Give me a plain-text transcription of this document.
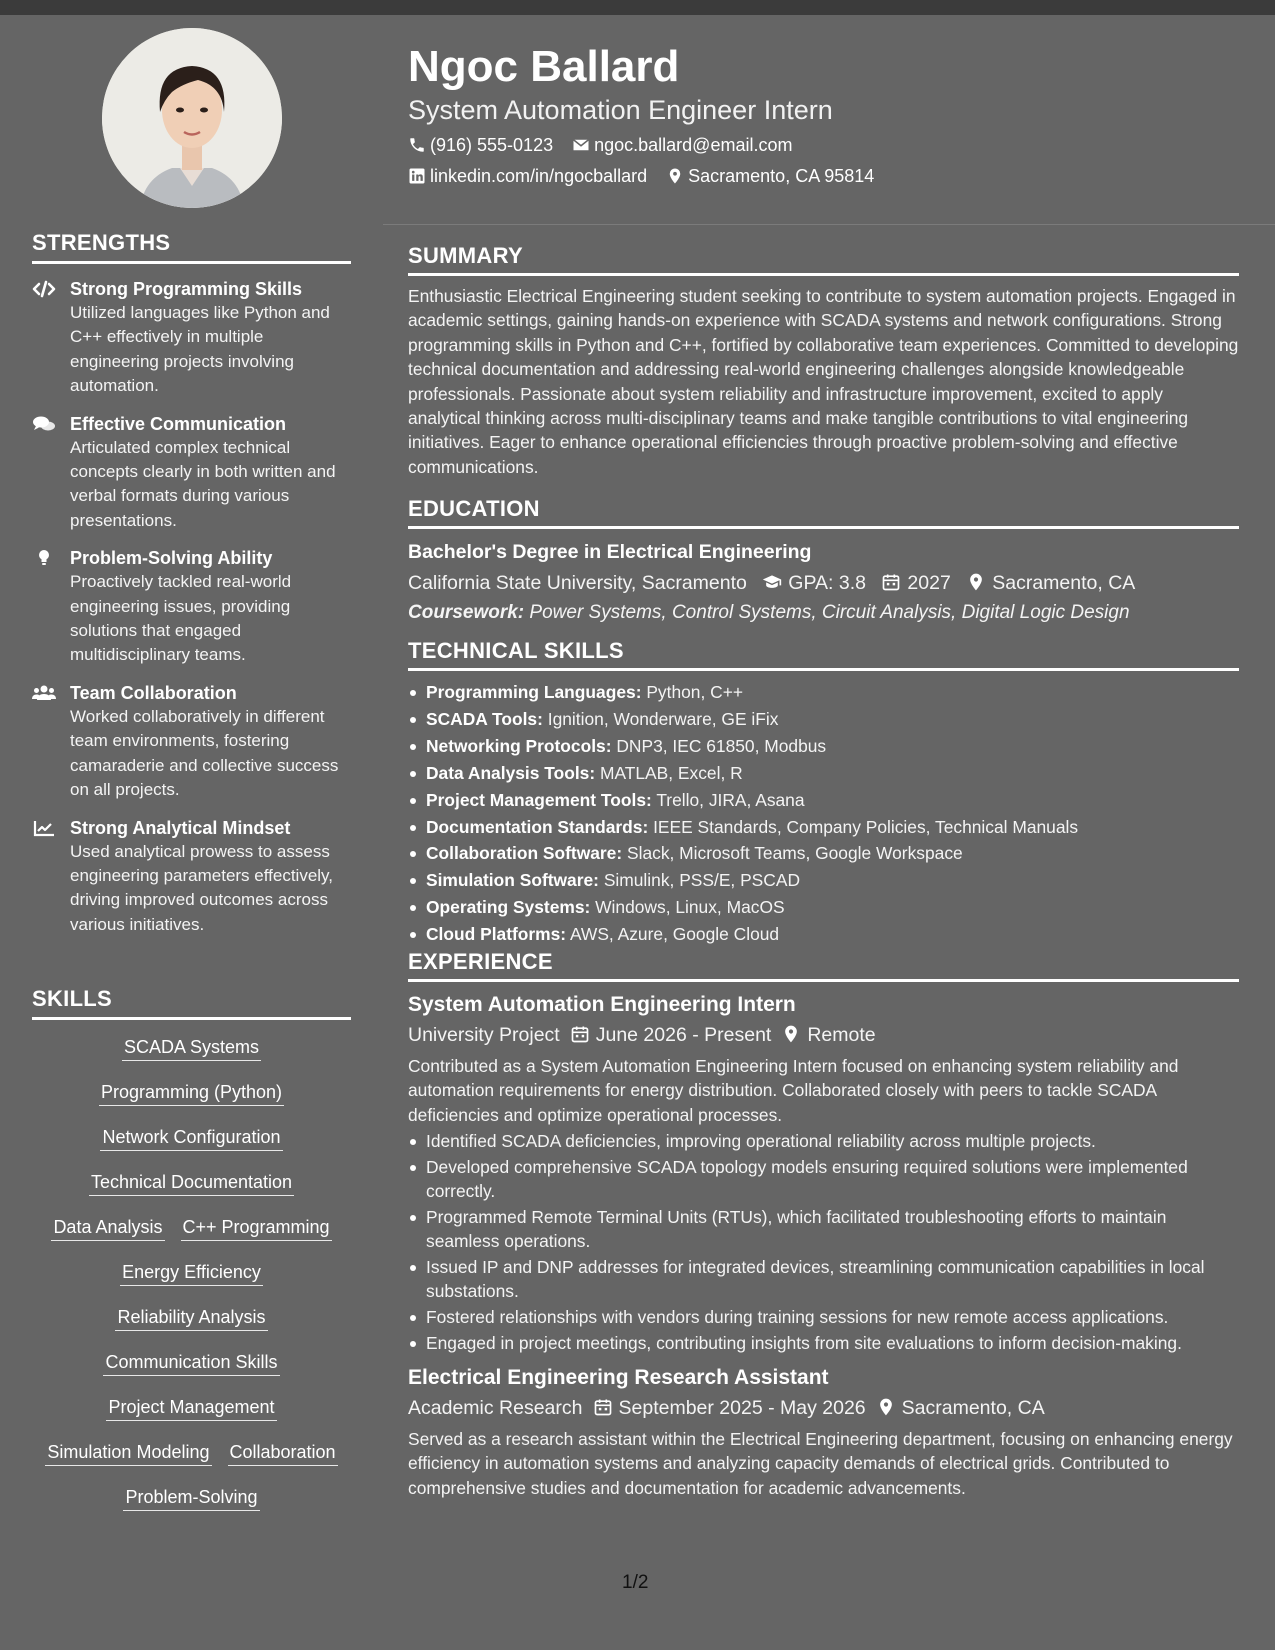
STRENGTHS
Strong Programming Skills
Utilized languages like Python and C++ effectively in multiple engineering projects involving automation.
Effective Communication
Articulated complex technical concepts clearly in both written and verbal formats during various presentations.
Problem-Solving Ability
Proactively tackled real-world engineering issues, providing solutions that engaged multidisciplinary teams.
Team Collaboration
Worked collaboratively in different team environments, fostering camaraderie and collective success on all projects.
Strong Analytical Mindset
Used analytical prowess to assess engineering parameters effectively, driving improved outcomes across various initiatives.
SKILLS
SCADA Systems
Programming (Python)
Network Configuration
Technical Documentation
Data Analysis C++ Programming
Energy Efficiency
Reliability Analysis
Communication Skills
Project Management
Simulation Modeling Collaboration
Problem-Solving
Ngoc Ballard
System Automation Engineer Intern
(916) 555-0123 ngoc.ballard@email.com
linkedin.com/in/ngocballard Sacramento, CA 95814
SUMMARY
Enthusiastic Electrical Engineering student seeking to contribute to system automation projects. Engaged in academic settings, gaining hands-on experience with SCADA systems and network configurations. Strong programming skills in Python and C++, fortified by collaborative team experiences. Committed to developing technical documentation and addressing real-world engineering challenges alongside knowledgeable professionals. Passionate about system reliability and infrastructure improvement, excited to apply analytical thinking across multi-disciplinary teams and make tangible contributions to vital engineering initiatives. Eager to enhance operational efficiencies through proactive problem-solving and effective communications.
EDUCATION
Bachelor's Degree in Electrical Engineering
California State University, Sacramento GPA: 3.8 2027 Sacramento, CA
Coursework: Power Systems, Control Systems, Circuit Analysis, Digital Logic Design
TECHNICAL SKILLS
Programming Languages: Python, C++
SCADA Tools: Ignition, Wonderware, GE iFix
Networking Protocols: DNP3, IEC 61850, Modbus
Data Analysis Tools: MATLAB, Excel, R
Project Management Tools: Trello, JIRA, Asana
Documentation Standards: IEEE Standards, Company Policies, Technical Manuals
Collaboration Software: Slack, Microsoft Teams, Google Workspace
Simulation Software: Simulink, PSS/E, PSCAD
Operating Systems: Windows, Linux, MacOS
Cloud Platforms: AWS, Azure, Google Cloud
EXPERIENCE
System Automation Engineering Intern
University Project June 2026 - Present Remote
Contributed as a System Automation Engineering Intern focused on enhancing system reliability and automation requirements for energy distribution. Collaborated closely with peers to tackle SCADA deficiencies and optimize operational processes.
Identified SCADA deficiencies, improving operational reliability across multiple projects.
Developed comprehensive SCADA topology models ensuring required solutions were implemented correctly.
Programmed Remote Terminal Units (RTUs), which facilitated troubleshooting efforts to maintain seamless operations.
Issued IP and DNP addresses for integrated devices, streamlining communication capabilities in local substations.
Fostered relationships with vendors during training sessions for new remote access applications.
Engaged in project meetings, contributing insights from site evaluations to inform decision-making.
Electrical Engineering Research Assistant
Academic Research September 2025 - May 2026 Sacramento, CA
Served as a research assistant within the Electrical Engineering department, focusing on enhancing energy efficiency in automation systems and analyzing capacity demands of electrical grids. Contributed to comprehensive studies and documentation for academic advancements.
1/2
